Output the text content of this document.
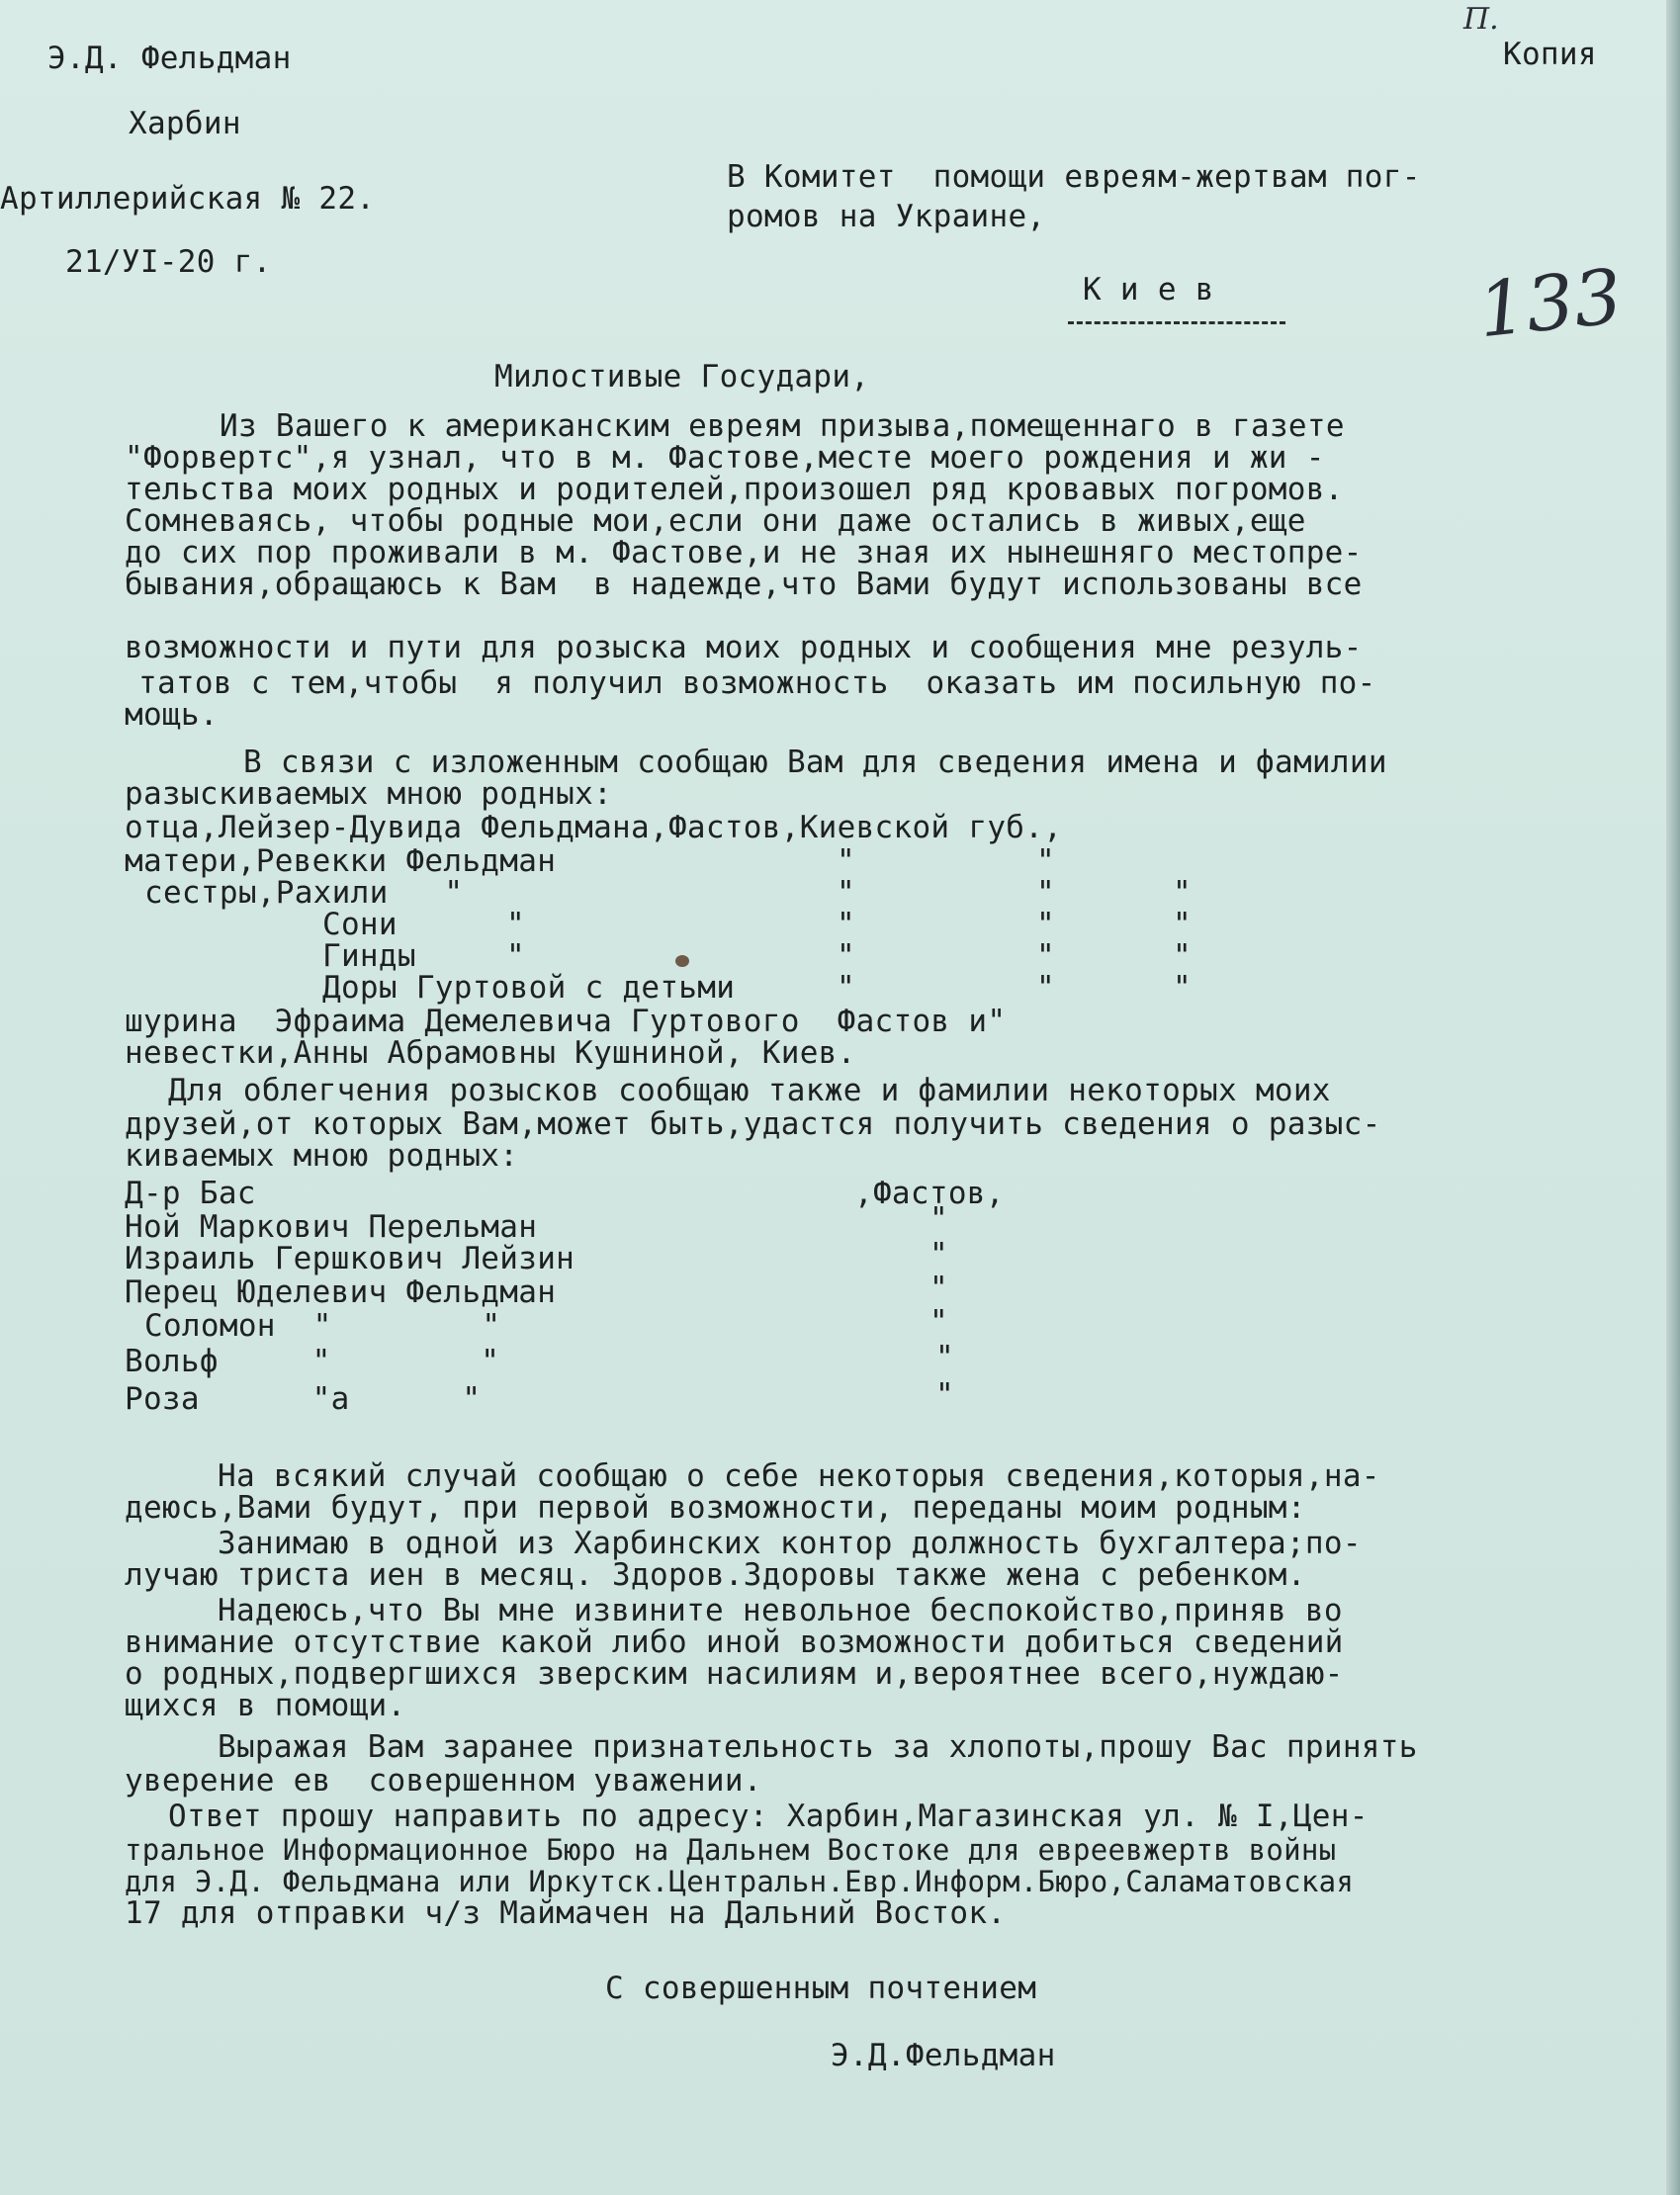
Э.Д. Фельдман
Харбин
Артиллерийская № 22.
21/УI-20 г.
П.
Копия
133
В Комитет  помощи евреям-жертвам пог-
ромов на Украине,
К и е в
Милостивые Государи,
Из Вашего к американским евреям призыва,помещеннаго в газете
"Форвертс",я узнал, что в м. Фастове,месте моего рождения и жи -
тельства моих родных и родителей,произошел ряд кровавых погромов.
Сомневаясь, чтобы родные мои,если они даже остались в живых,еще
до сих пор проживали в м. Фастове,и не зная их нынешняго местопре-
бывания,обращаюсь к Вам  в надежде,что Вами будут использованы все
возможности и пути для розыска моих родных и сообщения мне резуль-
татов с тем,чтобы  я получил возможность  оказать им посильную по-
мощь.
В связи с изложенным сообщаю Вам для сведения имена и фамилии
разыскиваемых мною родных:
отца,Лейзер-Дувида Фельдмана,Фастов,Киевской губ.,
матери,Ревекки Фельдман	"	"
сестры,Рахили   "	"	"	"
Сони	"	"	"	"
Гинды	"	"	"	"
Доры Гуртовой с детьми	"	"	"
шурина  Эфраима Демелевича Гуртового  Фастов и"
невестки,Анны Абрамовны Кушниной, Киев.
Для облегчения розысков сообщаю также и фамилии некоторых моих
друзей,от которых Вам,может быть,удастся получить сведения о разыс-
киваемых мною родных:
Д-р Бас	,Фастов,
Ной Маркович Перельман	"
Израиль Гершкович Лейзин	"
Перец Юделевич Фельдман	"
Соломон  "        "	"
Вольф     "        "	"
Роза      "а      "	"
На всякий случай сообщаю о себе некоторыя сведения,которыя,на-
деюсь,Вами будут, при первой возможности, переданы моим родным:
Занимаю в одной из Харбинских контор должность бухгалтера;по-
лучаю триста иен в месяц. Здоров.Здоровы также жена с ребенком.
Надеюсь,что Вы мне извините невольное беспокойство,приняв во
внимание отсутствие какой либо иной возможности добиться сведений
о родных,подвергшихся зверским насилиям и,вероятнее всего,нуждаю-
щихся в помощи.
Выражая Вам заранее признательность за хлопоты,прошу Вас принять
уверение ев  совершенном уважении.
Ответ прошу направить по адресу: Харбин,Магазинская ул. № I,Цен-
тральное Информационное Бюро на Дальнем Востоке для евреевжертв войны
для Э.Д. Фельдмана или Иркутск.Центральн.Евр.Информ.Бюро,Саламатовская
17 для отправки ч/з Маймачен на Дальний Восток.
С совершенным почтением
Э.Д.Фельдман
